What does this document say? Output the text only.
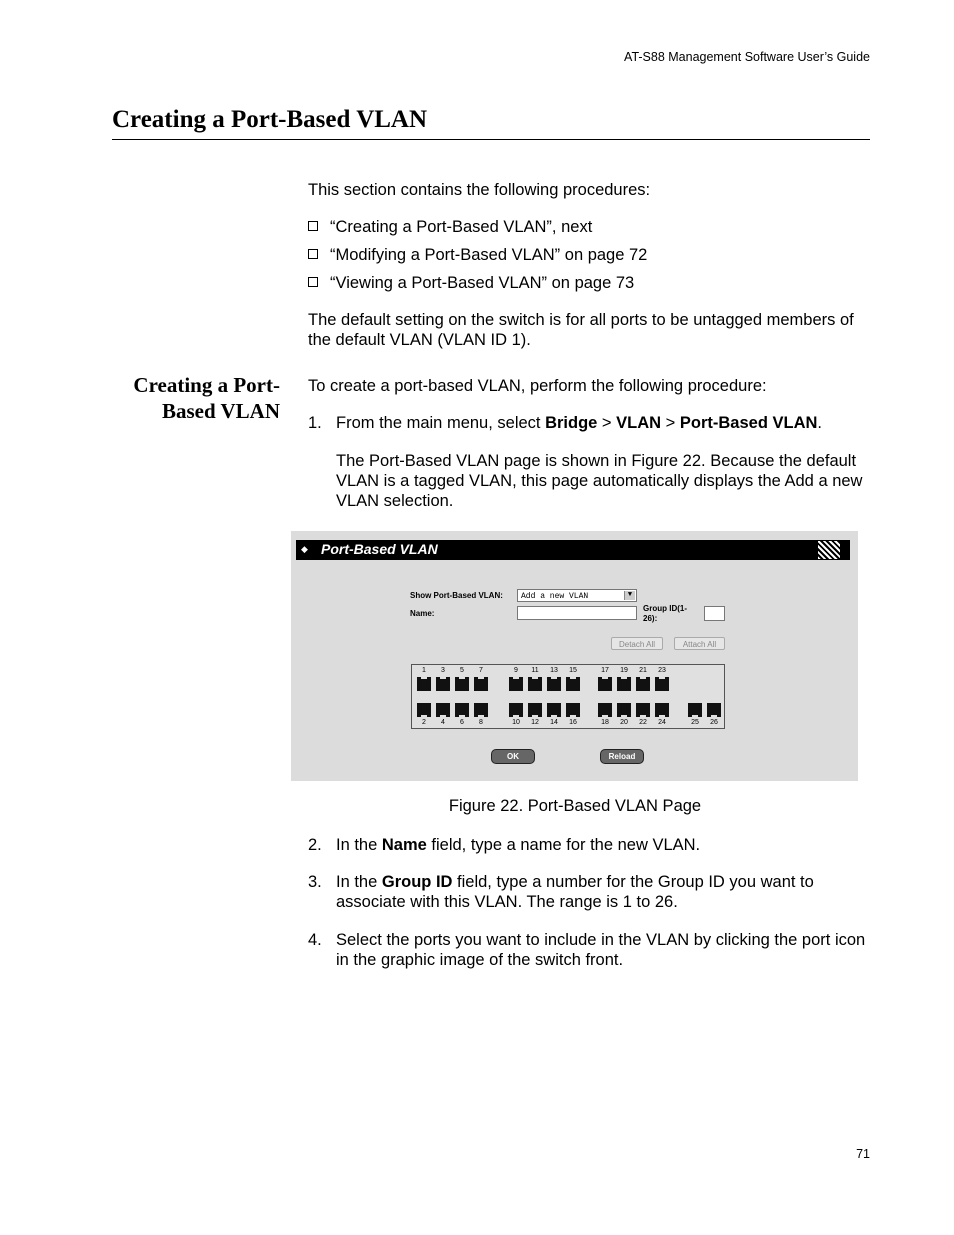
AT-S88 Management Software User’s Guide
Creating a Port-Based VLAN
This section contains the following procedures:
“Creating a Port-Based VLAN”, next
“Modifying a Port-Based VLAN” on page 72
“Viewing a Port-Based VLAN” on page 73
The default setting on the switch is for all ports to be untagged members of the default VLAN (VLAN ID 1).
Creating a Port-
Based VLAN
To create a port-based VLAN, perform the following procedure:
1. From the main menu, select Bridge > VLAN > Port-Based VLAN.
The Port-Based VLAN page is shown in Figure 22. Because the default VLAN is a tagged VLAN, this page automatically displays the Add a new VLAN selection.
◆ Port-Based VLAN
Show Port-Based VLAN:	Add a new VLAN	▼
Name:
Group ID(1-
26):
Detach All	Attach All
1	3	5	7	9	11	13	15	17	19	21	23
2	4	6	8	10	12	14	16	18	20	22	24	25	26
OK	Reload
Figure 22. Port-Based VLAN Page
2. In the Name field, type a name for the new VLAN.
3. In the Group ID field, type a number for the Group ID you want to associate with this VLAN. The range is 1 to 26.
4. Select the ports you want to include in the VLAN by clicking the port icon in the graphic image of the switch front.
71
